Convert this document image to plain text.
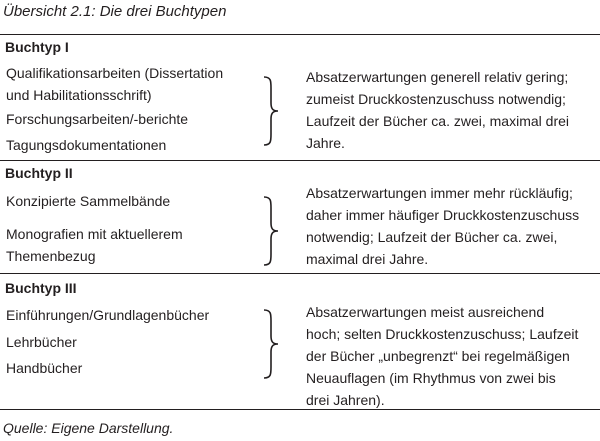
Übersicht 2.1: Die drei Buchtypen
Buchtyp I
Qualifikationsarbeiten (Dissertation
und Habilitationsschrift)
Forschungsarbeiten/-berichte
Tagungsdokumentationen
Absatzerwartungen generell relativ gering;
zumeist Druckkostenzuschuss notwendig;
Laufzeit der Bücher ca. zwei, maximal drei
Jahre.
Buchtyp II
Konzipierte Sammelbände
Monografien mit aktuellerem
Themenbezug
Absatzerwartungen immer mehr rückläufig;
daher immer häufiger Druckkostenzuschuss
notwendig; Laufzeit der Bücher ca. zwei,
maximal drei Jahre.
Buchtyp III
Einführungen/Grundlagenbücher
Lehrbücher
Handbücher
Absatzerwartungen meist ausreichend
hoch; selten Druckkostenzuschuss; Laufzeit
der Bücher „unbegrenzt“ bei regelmäßigen
Neuauflagen (im Rhythmus von zwei bis
drei Jahren).
Quelle: Eigene Darstellung.
